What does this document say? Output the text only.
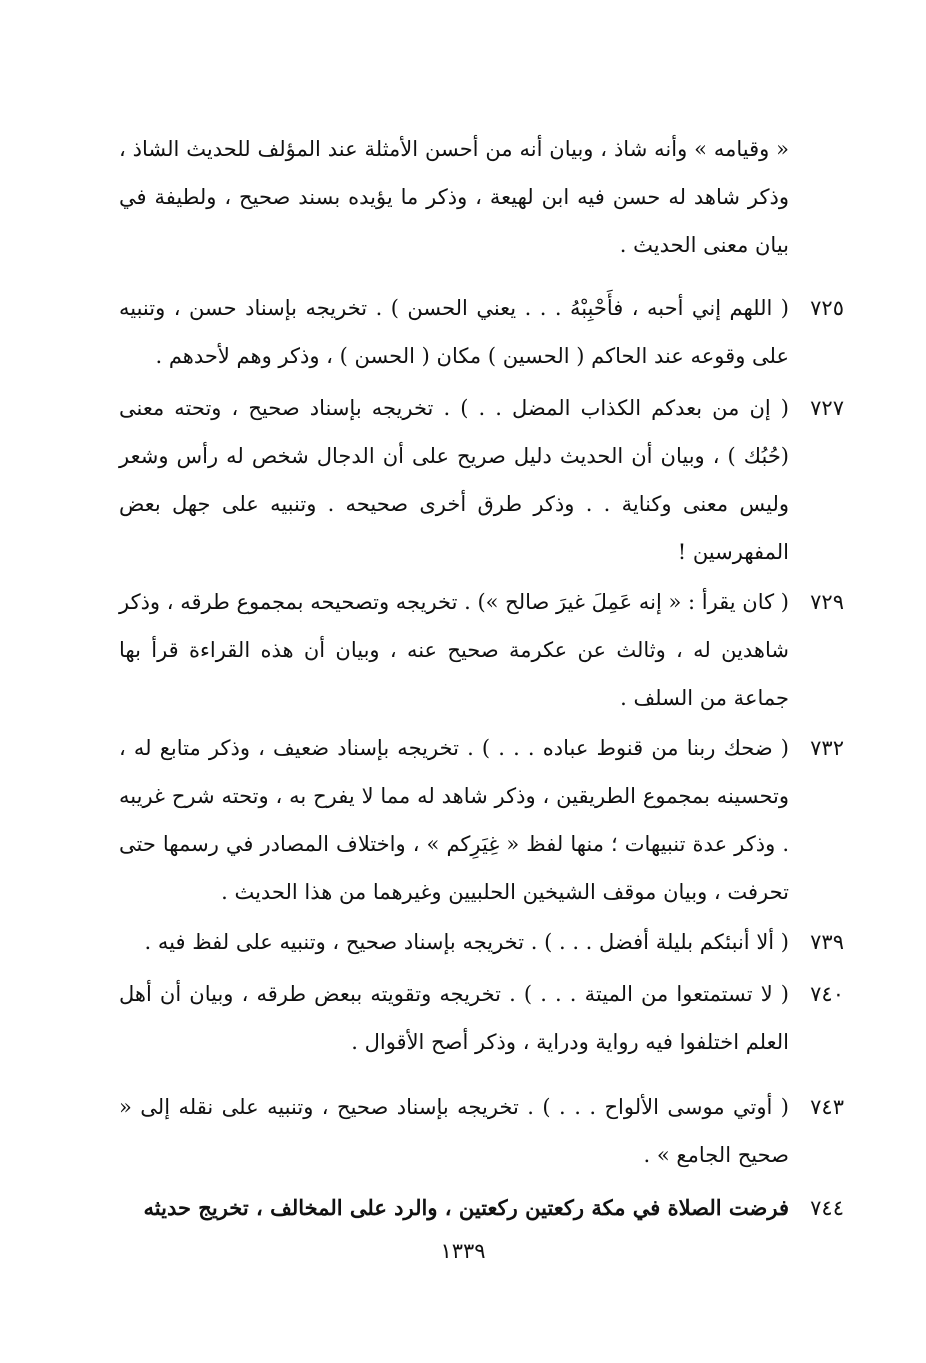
« وقيامه » وأنه شاذ ، وبيان أنه من أحسن الأمثلة عند المؤلف للحديث الشاذ ، وذكر شاهد له حسن فيه ابن لهيعة ، وذكر ما يؤيده بسند صحيح ، ولطيفة في بيان معنى الحديث .

٧٢٥

( اللهم إني أحبه ، فأَحْبِبْهُ . . . يعني الحسن ) . تخريجه بإسناد حسن ، وتنبيه على وقوعه عند الحاكم ( الحسين ) مكان ( الحسن ) ، وذكر وهم لأحدهم .

٧٢٧

( إن من بعدكم الكذاب المضل . . ) . تخريجه بإسناد صحيح ، وتحته معنى (حُبُك ) ، وبيان أن الحديث دليل صريح على أن الدجال شخص له رأس وشعر وليس معنى وكناية . . وذكر طرق أخرى صحيحه . وتنبيه على جهل بعض المفهرسين !

٧٢٩

( كان يقرأ : « إنه عَمِلَ غيرَ صالح ») . تخريجه وتصحيحه بمجموع طرقه ، وذكر شاهدين له ، وثالث عن عكرمة صحيح عنه ، وبيان أن هذه القراءة قرأ بها جماعة من السلف .

٧٣٢

( ضحك ربنا من قنوط عباده . . . ) . تخريجه بإسناد ضعيف ، وذكر متابع له ، وتحسينه بمجموع الطريقين ، وذكر شاهد له مما لا يفرح به ، وتحته شرح غريبه . وذكر عدة تنبيهات ؛ منها لفظ « غِيَرِكم » ، واختلاف المصادر في رسمها حتى تحرفت ، وبيان موقف الشيخين الحلبيين وغيرهما من هذا الحديث .

٧٣٩

( ألا أنبئكم بليلة أفضل . . . ) . تخريجه بإسناد صحيح ، وتنبيه على لفظ فيه .

٧٤٠

( لا تستمتعوا من الميتة . . . ) . تخريجه وتقويته ببعض طرقه ، وبيان أن أهل العلم اختلفوا فيه رواية ودراية ، وذكر أصح الأقوال .

٧٤٣

( أوتي موسى الألواح . . . ) . تخريجه بإسناد صحيح ، وتنبيه على نقله إلى « صحيح الجامع » .

٧٤٤

فرضت الصلاة في مكة ركعتين ركعتين ، والرد على المخالف ، تخريج حديثه

١٣٣٩
